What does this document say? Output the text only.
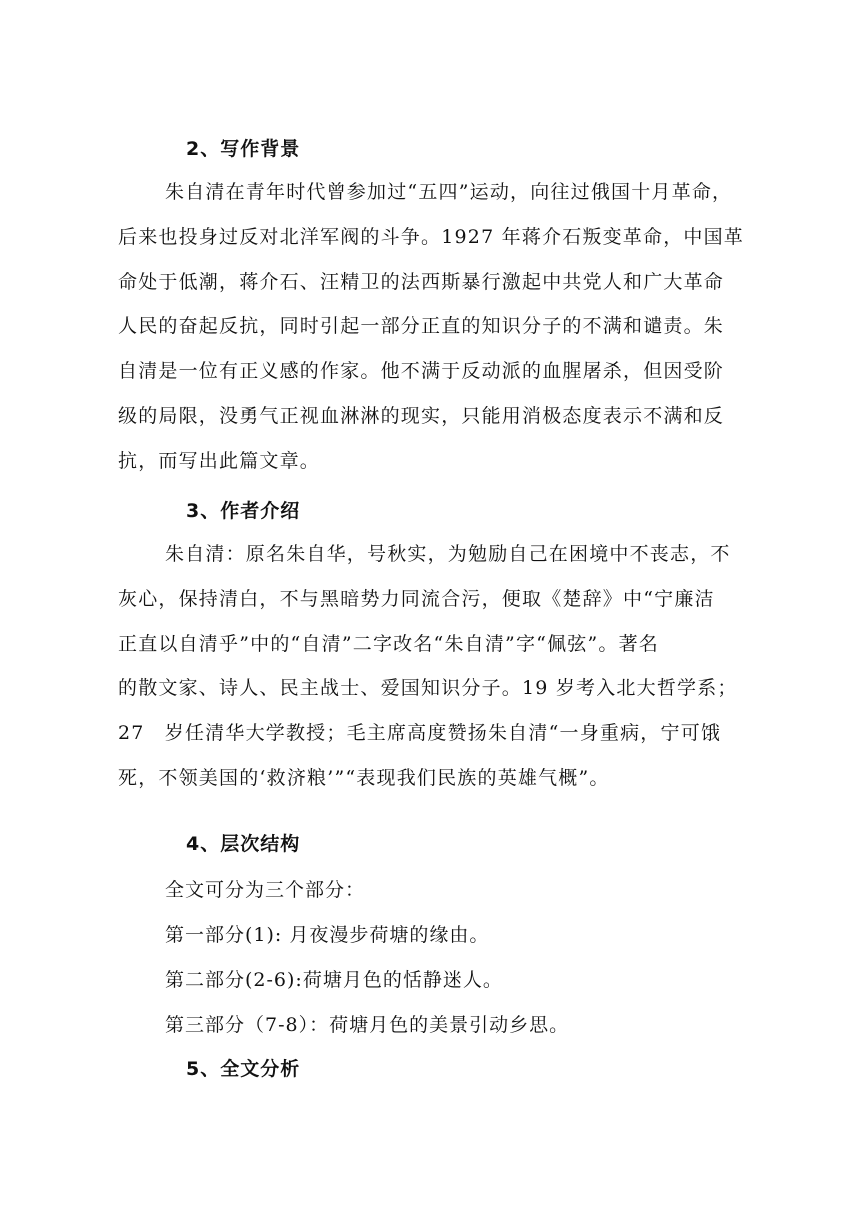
2、写作背景
朱自清在青年时代曾参加过“五四”运动，向往过俄国十月革命，
后来也投身过反对北洋军阀的斗争。1927 年蒋介石叛变革命，中国革
命处于低潮，蒋介石、汪精卫的法西斯暴行激起中共党人和广大革命
人民的奋起反抗，同时引起一部分正直的知识分子的不满和谴责。朱
自清是一位有正义感的作家。他不满于反动派的血腥屠杀，但因受阶
级的局限，没勇气正视血淋淋的现实，只能用消极态度表示不满和反
抗，而写出此篇文章。
3、作者介绍
朱自清：原名朱自华，号秋实，为勉励自己在困境中不丧志，不
灰心，保持清白，不与黑暗势力同流合污，便取《楚辞》中“宁廉洁
正直以自清乎”中的“自清”二字改名“朱自清”字“佩弦”。著名
的散文家、诗人、民主战士、爱国知识分子。19 岁考入北大哲学系；
27　岁任清华大学教授；毛主席高度赞扬朱自清“一身重病，宁可饿
死，不领美国的‘救济粮’”“表现我们民族的英雄气概”。
4、层次结构
全文可分为三个部分：
第一部分(1): 月夜漫步荷塘的缘由。
第二部分(2-6):荷塘月色的恬静迷人。
第三部分（7-8）：荷塘月色的美景引动乡思。
5、全文分析
